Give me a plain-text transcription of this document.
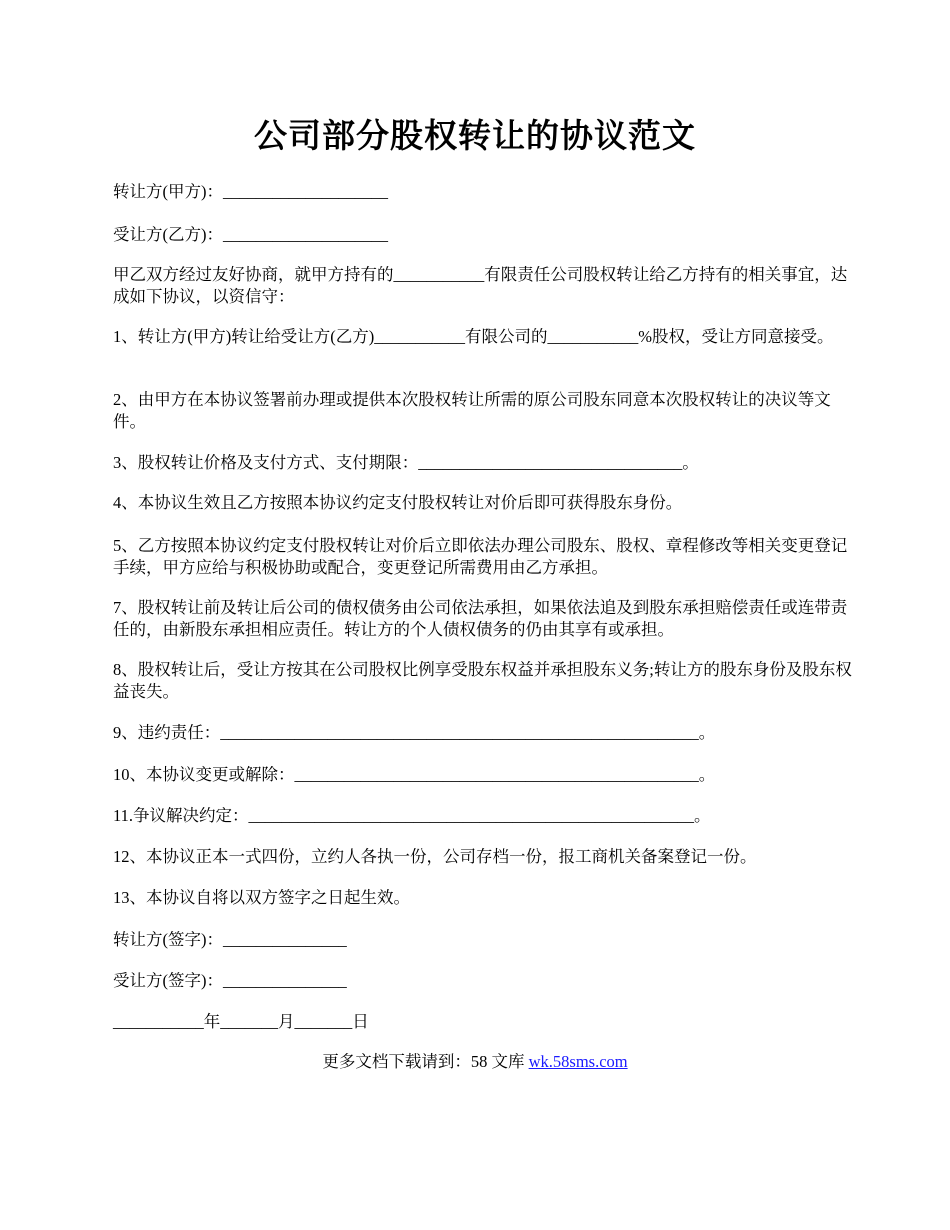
公司部分股权转让的协议范文

转让方(甲方)：____________________

受让方(乙方)：____________________

甲乙双方经过友好协商，就甲方持有的___________有限责任公司股权转让给乙方持有的相关事宜，达成如下协议，以资信守：

1、转让方(甲方)转让给受让方(乙方)___________有限公司的___________%股权，受让方同意接受。

2、由甲方在本协议签署前办理或提供本次股权转让所需的原公司股东同意本次股权转让的决议等文件。

3、股权转让价格及支付方式、支付期限：________________________________。

4、本协议生效且乙方按照本协议约定支付股权转让对价后即可获得股东身份。

5、乙方按照本协议约定支付股权转让对价后立即依法办理公司股东、股权、章程修改等相关变更登记手续，甲方应给与积极协助或配合，变更登记所需费用由乙方承担。

7、股权转让前及转让后公司的债权债务由公司依法承担，如果依法追及到股东承担赔偿责任或连带责任的，由新股东承担相应责任。转让方的个人债权债务的仍由其享有或承担。

8、股权转让后，受让方按其在公司股权比例享受股东权益并承担股东义务;转让方的股东身份及股东权益丧失。

9、违约责任：__________________________________________________________。

10、本协议变更或解除：_________________________________________________。

11.争议解决约定：______________________________________________________。

12、本协议正本一式四份，立约人各执一份，公司存档一份，报工商机关备案登记一份。

13、本协议自将以双方签字之日起生效。

转让方(签字)：_______________

受让方(签字)：_______________

___________年_______月_______日

更多文档下载请到：58 文库 wk.58sms.com
